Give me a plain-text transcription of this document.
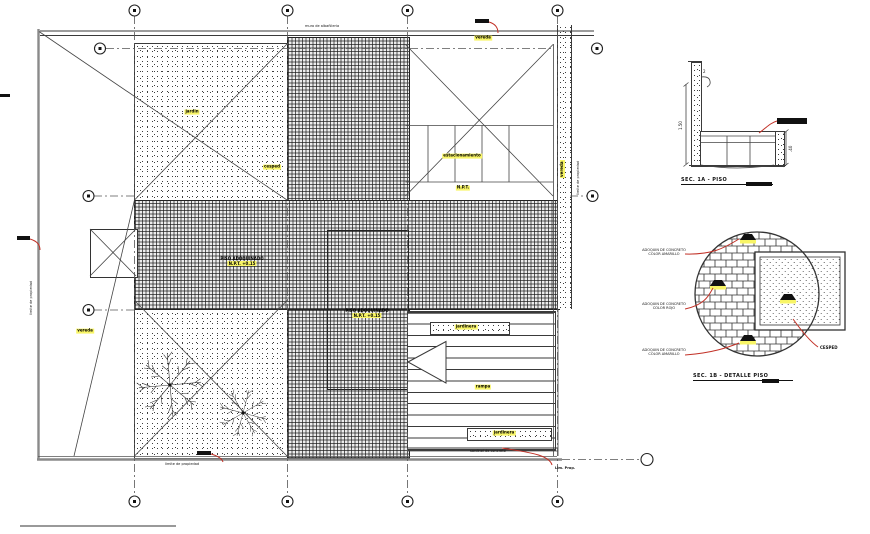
muro de albañileria
vereda
jardin
cesped
estacionamiento
N.P.T.
PISO ADOQUINADO
N.P.T. +0.15
PISO ADOQUINADO
N.P.T. +0.15
jardinera
jardinera
rampa
vereda
sardinel de concreto
limite de propiedad
Lim. Prop.
limite de propiedad
limite de propiedad
vereda
2
1.50
.40
SEC. 1A - PISO
ADOQUIN DE CONCRETO
COLOR AMARILLO
ADOQUIN DE CONCRETO
COLOR ROJO
ADOQUIN DE CONCRETO
COLOR AMARILLO
CESPED
SEC. 1B - DETALLE PISO
